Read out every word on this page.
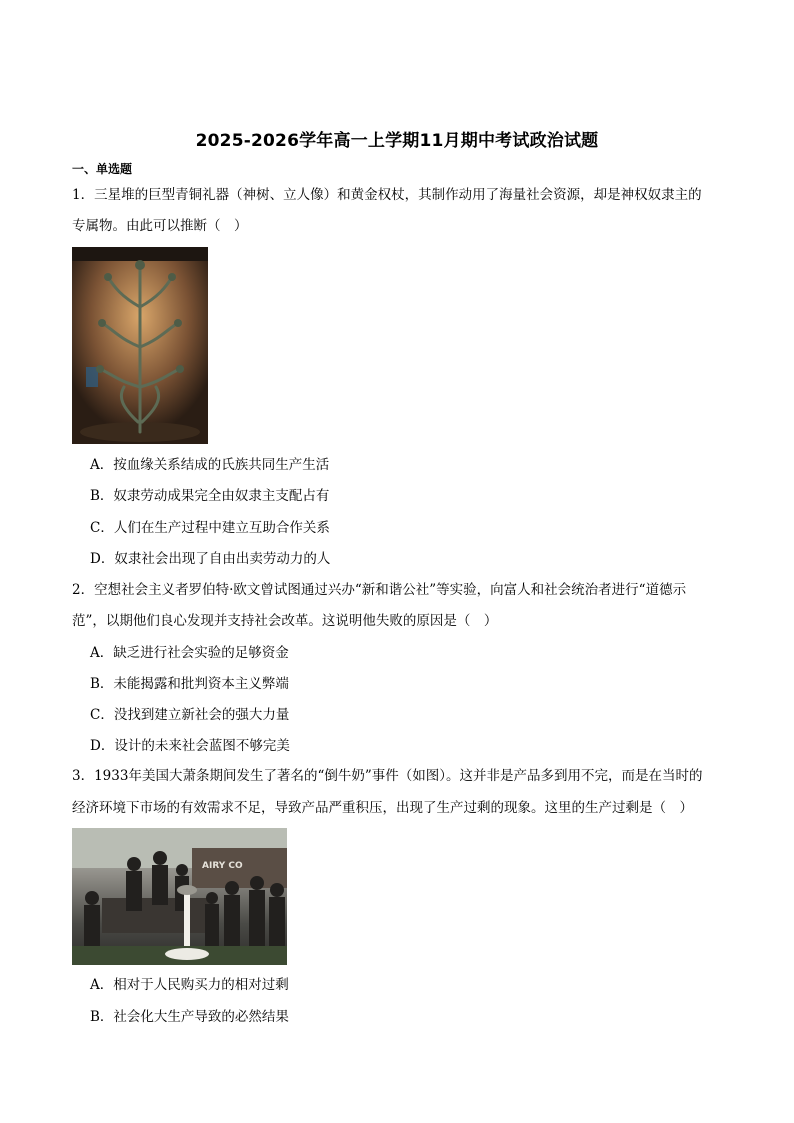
2025-2026学年高一上学期11月期中考试政治试题
一、单选题
1．三星堆的巨型青铜礼器（神树、立人像）和黄金权杖，其制作动用了海量社会资源，却是神权奴隶主的
专属物。由此可以推断（　）
A．按血缘关系结成的氏族共同生产生活
B．奴隶劳动成果完全由奴隶主支配占有
C．人们在生产过程中建立互助合作关系
D．奴隶社会出现了自由出卖劳动力的人
2．空想社会主义者罗伯特·欧文曾试图通过兴办“新和谐公社”等实验，向富人和社会统治者进行“道德示
范”，以期他们良心发现并支持社会改革。这说明他失败的原因是（　）
A．缺乏进行社会实验的足够资金
B．未能揭露和批判资本主义弊端
C．没找到建立新社会的强大力量
D．设计的未来社会蓝图不够完美
3．1933年美国大萧条期间发生了著名的“倒牛奶”事件（如图）。这并非是产品多到用不完，而是在当时的
经济环境下市场的有效需求不足，导致产品严重积压，出现了生产过剩的现象。这里的生产过剩是（　）
AIRY CO
A．相对于人民购买力的相对过剩
B．社会化大生产导致的必然结果
